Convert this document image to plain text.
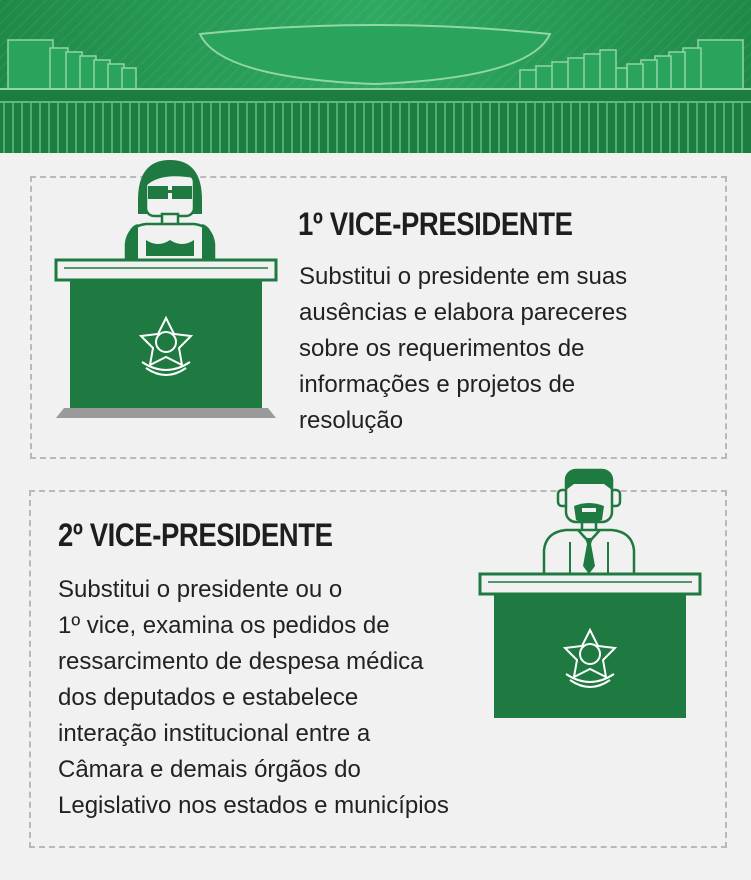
1º VICE-PRESIDENTE
Substitui o presidente em suas
ausências e elabora pareceres
sobre os requerimentos de
informações e projetos de
resolução
2º VICE-PRESIDENTE
Substitui o presidente ou o
1º vice, examina os pedidos de
ressarcimento de despesa médica
dos deputados e estabelece
interação institucional entre a
Câmara e demais órgãos do
Legislativo nos estados e municípios
